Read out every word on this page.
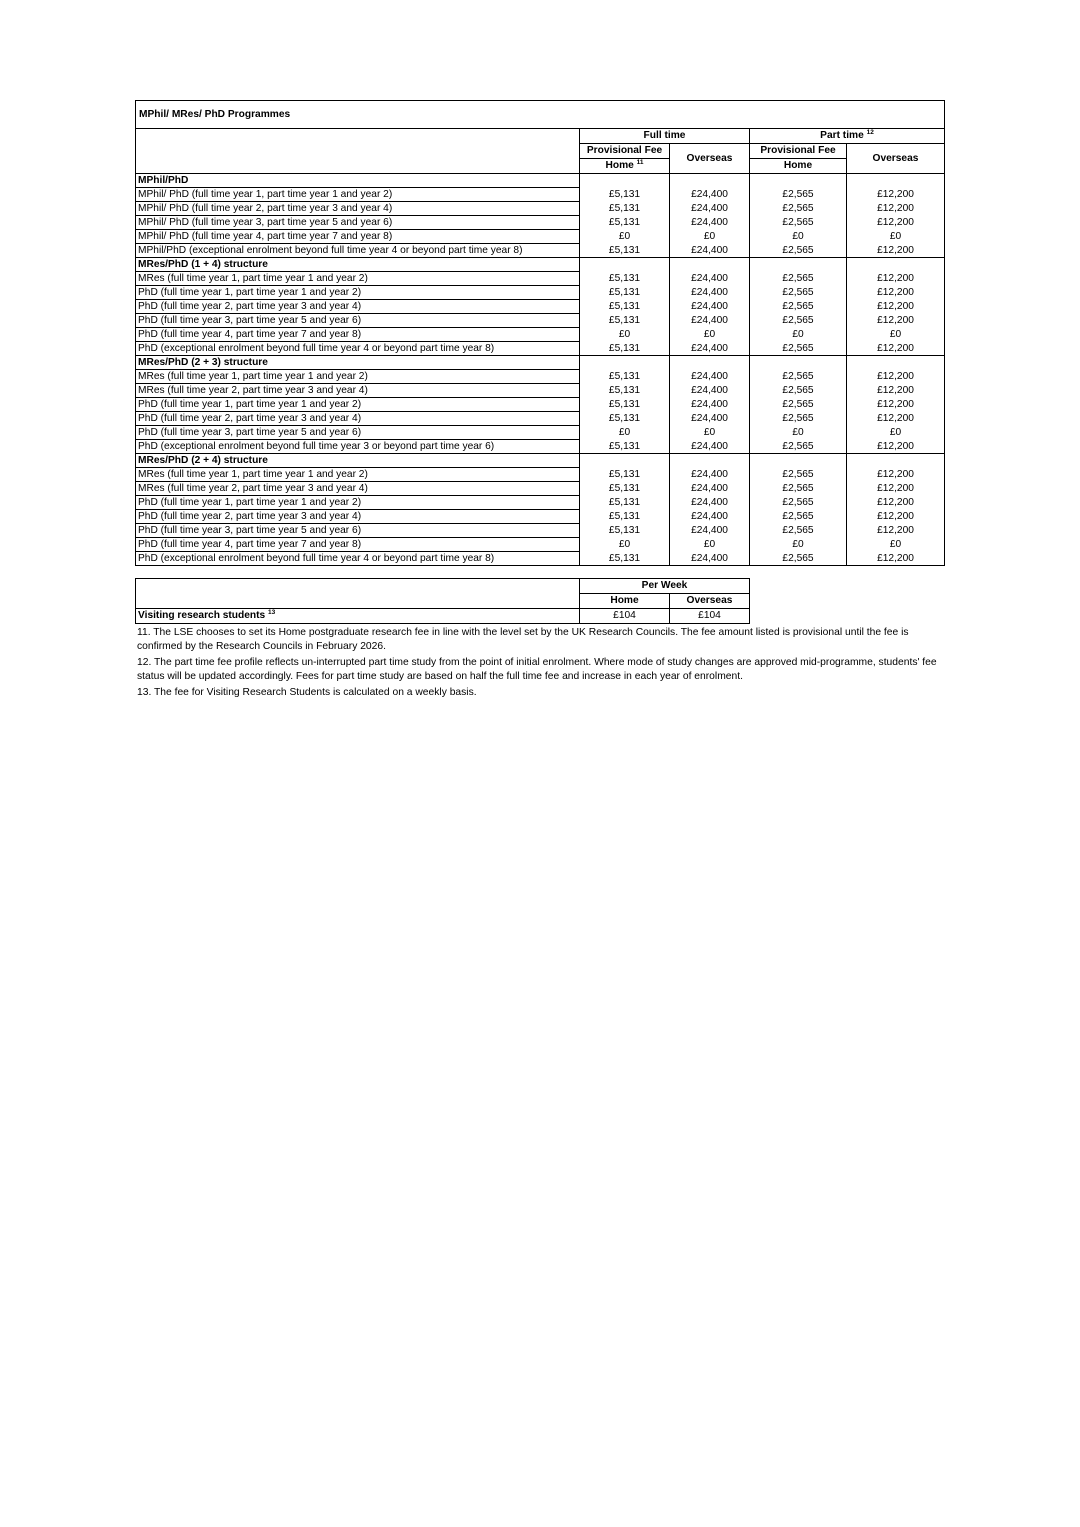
MPhil/ MRes/ PhD Programmes				
	Full time		Part time $^{12}$
	Provisional Fee	Overseas	Provisional Fee	Overseas
	Home $^{11}$		Home	
MPhil/PhD				
MPhil/ PhD (full time year 1, part time year 1 and year 2)	£5,131	£24,400	£2,565	£12,200
MPhil/ PhD (full time year 2, part time year 3 and year 4)	£5,131	£24,400	£2,565	£12,200
MPhil/ PhD (full time year 3, part time year 5 and year 6)	£5,131	£24,400	£2,565	£12,200
MPhil/ PhD (full time year 4, part time year 7 and year 8)	£0	£0	£0	£0
MPhil/PhD (exceptional enrolment beyond full time year 4 or beyond part time year 8)	£5,131	£24,400	£2,565	£12,200
MRes/PhD (1 + 4) structure				
MRes (full time year 1, part time year 1 and year 2)	£5,131	£24,400	£2,565	£12,200
PhD (full time year 1, part time year 1 and year 2)	£5,131	£24,400	£2,565	£12,200
PhD (full time year 2, part time year 3 and year 4)	£5,131	£24,400	£2,565	£12,200
PhD (full time year 3, part time year 5 and year 6)	£5,131	£24,400	£2,565	£12,200
PhD (full time year 4, part time year 7 and year 8)	£0	£0	£0	£0
PhD (exceptional enrolment beyond full time year 4 or beyond part time year 8)	£5,131	£24,400	£2,565	£12,200
MRes/PhD (2 + 3) structure				
MRes (full time year 1, part time year 1 and year 2)	£5,131	£24,400	£2,565	£12,200
MRes (full time year 2, part time year 3 and year 4)	£5,131	£24,400	£2,565	£12,200
PhD (full time year 1, part time year 1 and year 2)	£5,131	£24,400	£2,565	£12,200
PhD (full time year 2, part time year 3 and year 4)	£5,131	£24,400	£2,565	£12,200
PhD (full time year 3, part time year 5 and year 6)	£0	£0	£0	£0
PhD (exceptional enrolment beyond full time year 3 or beyond part time year 6)	£5,131	£24,400	£2,565	£12,200
MRes/PhD (2 + 4) structure				
MRes (full time year 1, part time year 1 and year 2)	£5,131	£24,400	£2,565	£12,200
MRes (full time year 2, part time year 3 and year 4)	£5,131	£24,400	£2,565	£12,200
PhD (full time year 1, part time year 1 and year 2)	£5,131	£24,400	£2,565	£12,200
PhD (full time year 2, part time year 3 and year 4)	£5,131	£24,400	£2,565	£12,200
PhD (full time year 3, part time year 5 and year 6)	£5,131	£24,400	£2,565	£12,200
PhD (full time year 4, part time year 7 and year 8)	£0	£0	£0	£0
PhD (exceptional enrolment beyond full time year 4 or beyond part time year 8)	£5,131	£24,400	£2,565	£12,200
	Per Week	
	Home	Overseas
Visiting research students $^{13}$	£104	£104

11. The LSE chooses to set its Home postgraduate research fee in line with the level set by the UK Research Councils. The fee amount listed is provisional until the fee is confirmed by the Research Councils in February 2026.

12. The part time fee profile reflects un-interrupted part time study from the point of initial enrolment. Where mode of study changes are approved mid-programme, students' fee status will be updated accordingly. Fees for part time study are based on half the full time fee and increase in each year of enrolment.

13. The fee for Visiting Research Students is calculated on a weekly basis.
